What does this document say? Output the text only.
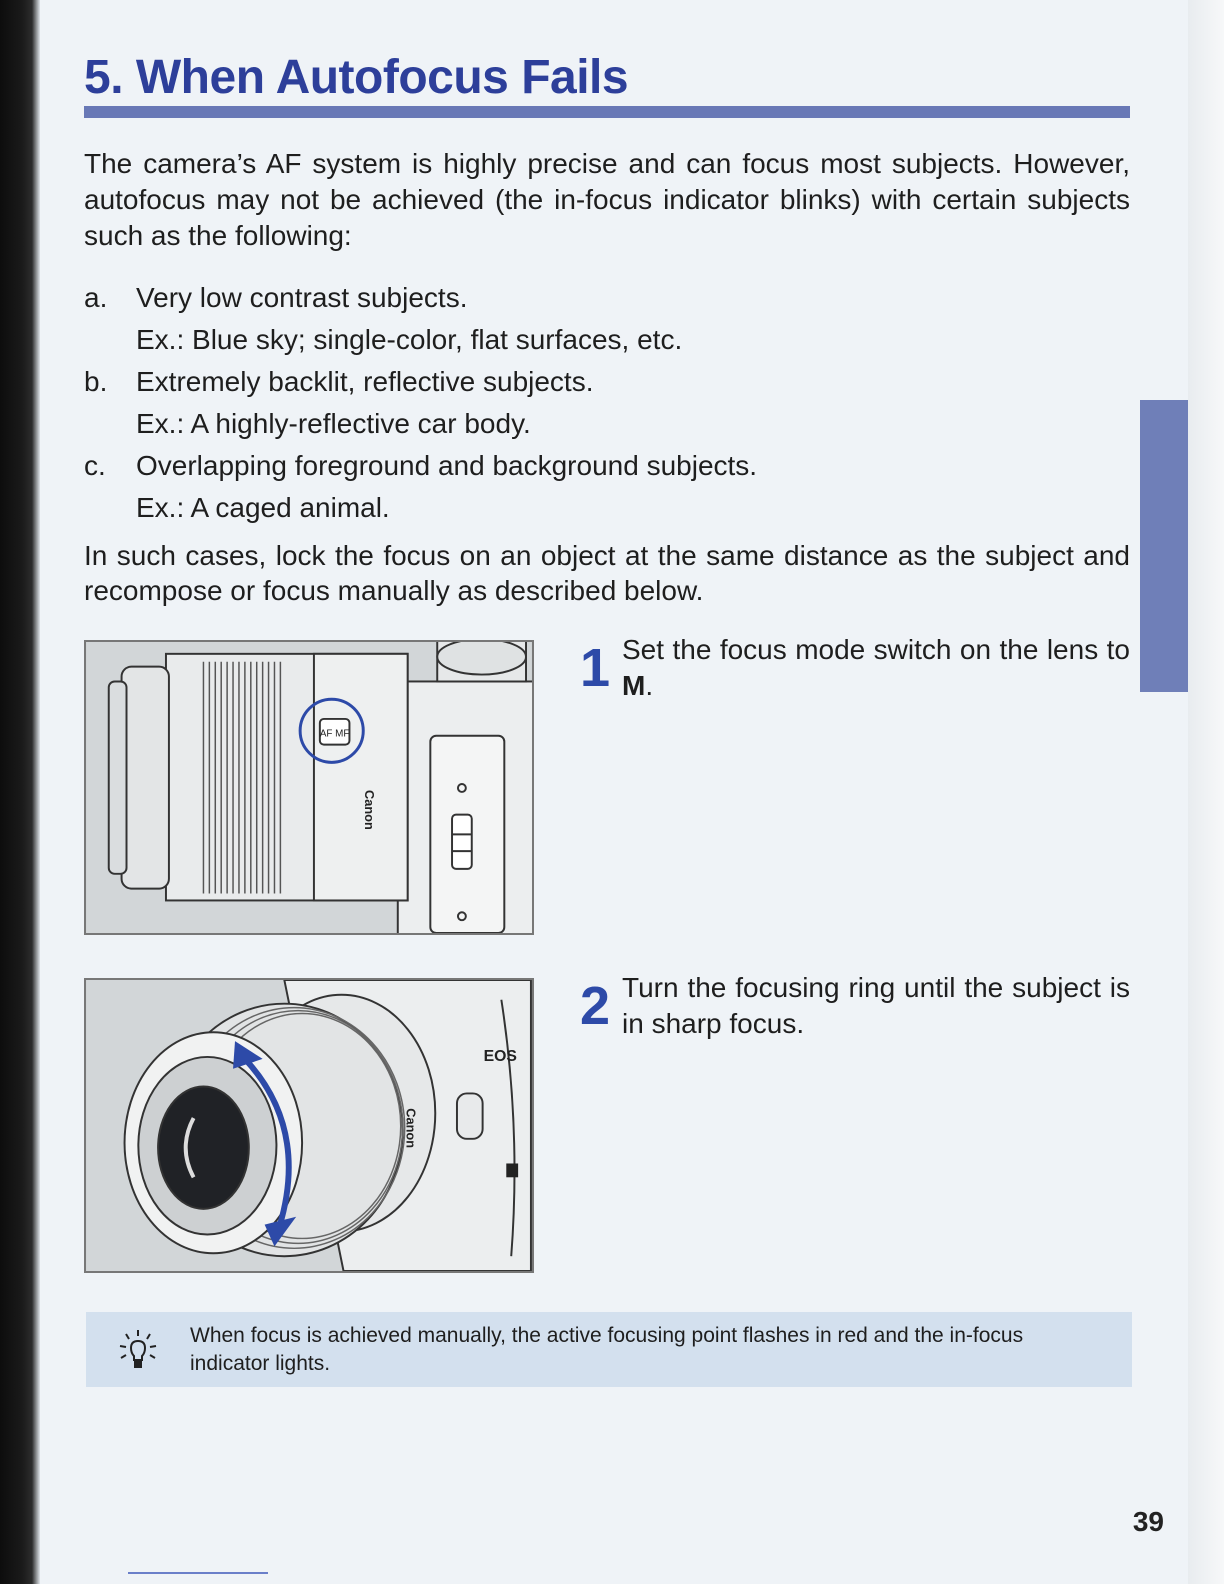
5. When Autofocus Fails

The camera’s AF system is highly precise and can focus most subjects. However, autofocus may not be achieved (the in-focus indicator blinks) with certain subjects such as the following:

a.	Very low contrast subjects.
Ex.: Blue sky; single-color, flat surfaces, etc.
b.	Extremely backlit, reflective subjects.
Ex.: A highly-reflective car body.
c.	Overlapping foreground and background subjects.
Ex.: A caged animal.

In such cases, lock the focus on an object at the same distance as the subject and recompose or focus manually as described below.

AF MF
Canon
1 Set the focus mode switch on the lens to M.
EOS
Canon
2 Turn the focusing ring until the subject is in sharp focus.
When focus is achieved manually, the active focusing point flashes in red and the in-focus indicator lights.
39
